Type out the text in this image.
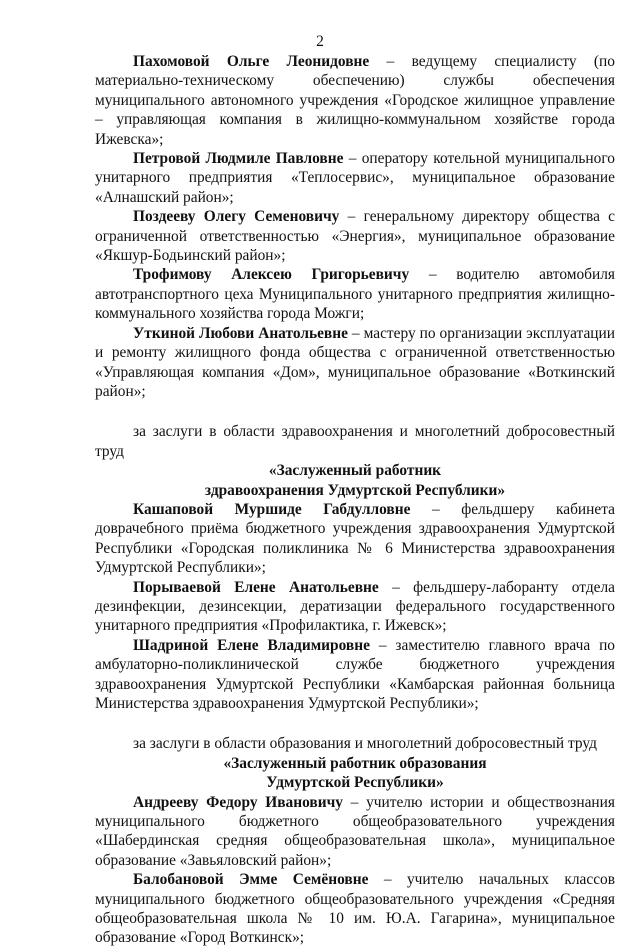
2

Пахомовой Ольге Леонидовне – ведущему специалисту (по материально-техническому обеспечению) службы обеспечения муниципального автономного учреждения «Городское жилищное управление – управляющая компания в жилищно-коммунальном хозяйстве города Ижевска»;

Петровой Людмиле Павловне – оператору котельной муниципального унитарного предприятия «Теплосервис», муниципальное образование «Алнашский район»;

Поздееву Олегу Семеновичу – генеральному директору общества с ограниченной ответственностью «Энергия», муниципальное образование «Якшур-Бодьинский район»;

Трофимову Алексею Григорьевичу – водителю автомобиля автотранспортного цеха Муниципального унитарного предприятия жилищно-коммунального хозяйства города Можги;

Уткиной Любови Анатольевне – мастеру по организации эксплуатации и ремонту жилищного фонда общества с ограниченной ответственностью «Управляющая компания «Дом», муниципальное образование «Воткинский район»;

за заслуги в области здравоохранения и многолетний добросовестный труд

«Заслуженный работник
здравоохранения Удмуртской Республики»

Кашаповой Муршиде Габдулловне – фельдшеру кабинета доврачебного приёма бюджетного учреждения здравоохранения Удмуртской Республики «Городская поликлиника № 6 Министерства здравоохранения Удмуртской Республики»;

Порываевой Елене Анатольевне – фельдшеру-лаборанту отдела дезинфекции, дезинсекции, дератизации федерального государственного унитарного предприятия «Профилактика, г. Ижевск»;

Шадриной Елене Владимировне – заместителю главного врача по амбулаторно-поликлинической службе бюджетного учреждения здравоохранения Удмуртской Республики «Камбарская районная больница Министерства здравоохранения Удмуртской Республики»;

за заслуги в области образования и многолетний добросовестный труд

«Заслуженный работник образования
Удмуртской Республики»

Андрееву Федору Ивановичу – учителю истории и обществознания муниципального бюджетного общеобразовательного учреждения «Шабердинская средняя общеобразовательная школа», муниципальное образование «Завьяловский район»;

Балобановой Эмме Семёновне – учителю начальных классов муниципального бюджетного общеобразовательного учреждения «Средняя общеобразовательная школа № 10 им. Ю.А. Гагарина», муниципальное образование «Город Воткинск»;
